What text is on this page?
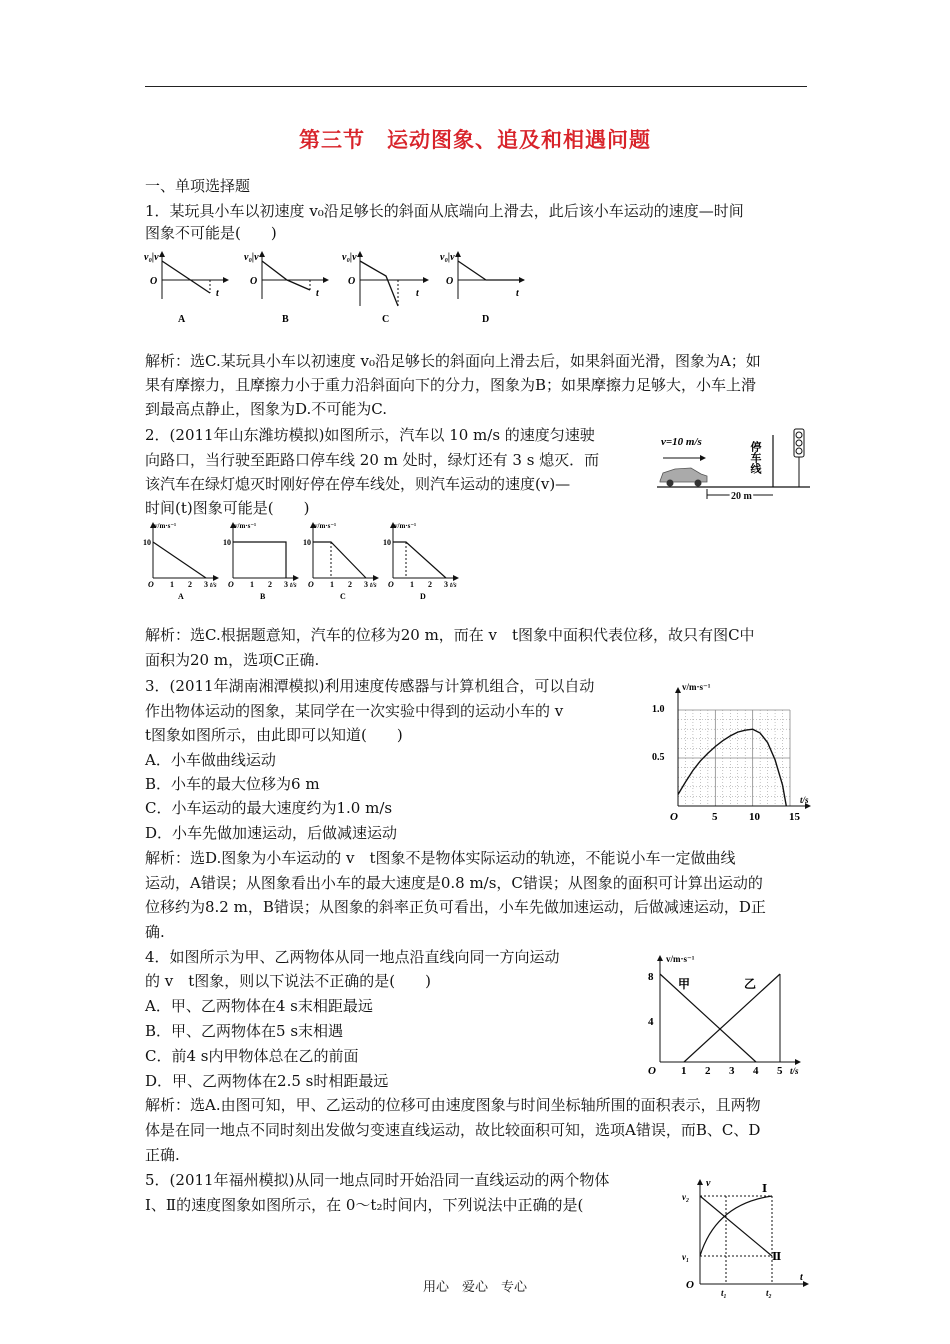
第三节　运动图象、追及和相遇问题
一、单项选择题
1．某玩具小车以初速度 v₀沿足够长的斜面从底端向上滑去，此后该小车运动的速度—时间
图象不可能是(　　)
v₀|v
O
t
A
v₀|v
O
t
B
v₀|v
O
t
C
v₀|v
O
t
D
解析：选C.某玩具小车以初速度 v₀沿足够长的斜面向上滑去后，如果斜面光滑，图象为A；如
果有摩擦力，且摩擦力小于重力沿斜面向下的分力，图象为B；如果摩擦力足够大，小车上滑
到最高点静止，图象为D.不可能为C.
2．(2011年山东潍坊模拟)如图所示，汽车以 10 m/s 的速度匀速驶
向路口，当行驶至距路口停车线 20 m 处时，绿灯还有 3 s 熄灭．而
该汽车在绿灯熄灭时刚好停在停车线处，则汽车运动的速度(v)—
时间(t)图象可能是(　　)
v=10 m/s	停车线
20 m
v/m·s⁻¹
10
O 1 2 3 t/s
A
v/m·s⁻¹
10
O 1 2 3 t/s
B
v/m·s⁻¹
10
O 1 2 3 t/s
C
v/m·s⁻¹
10
O 1 2 3 t/s
D
解析：选C.根据题意知，汽车的位移为20 m，而在 v　t图象中面积代表位移，故只有图C中
面积为20 m，选项C正确.
3．(2011年湖南湘潭模拟)利用速度传感器与计算机组合，可以自动
作出物体运动的图象，某同学在一次实验中得到的运动小车的 v
t图象如图所示，由此即可以知道(　　)
A．小车做曲线运动
B．小车的最大位移为6 m
C．小车运动的最大速度约为1.0 m/s
D．小车先做加速运动，后做减速运动
v/m·s⁻¹
1.0
0.5
O	5	10	15
t/s
解析：选D.图象为小车运动的 v　t图象不是物体实际运动的轨迹，不能说小车一定做曲线
运动，A错误；从图象看出小车的最大速度是0.8 m/s，C错误；从图象的面积可计算出运动的
位移约为8.2 m，B错误；从图象的斜率正负可看出，小车先做加速运动，后做减速运动，D正
确.
4．如图所示为甲、乙两物体从同一地点沿直线向同一方向运动
的 v　t图象，则以下说法不正确的是(　　)
A．甲、乙两物体在4 s末相距最远
B．甲、乙两物体在5 s末相遇
C．前4 s内甲物体总在乙的前面
D．甲、乙两物体在2.5 s时相距最远
v/m·s⁻¹
8
4
甲	乙
O 1 2 3 4 5 t/s
解析：选A.由图可知，甲、乙运动的位移可由速度图象与时间坐标轴所围的面积表示，且两物
体是在同一地点不同时刻出发做匀变速直线运动，故比较面积可知，选项A错误，而B、C、D
正确.
5．(2011年福州模拟)从同一地点同时开始沿同一直线运动的两个物体
Ⅰ、Ⅱ的速度图象如图所示，在 0～t₂时间内，下列说法中正确的是(
v
v₂
v₁
O
t₁	t₂
t
Ⅰ
Ⅱ
用心　爱心　专心
